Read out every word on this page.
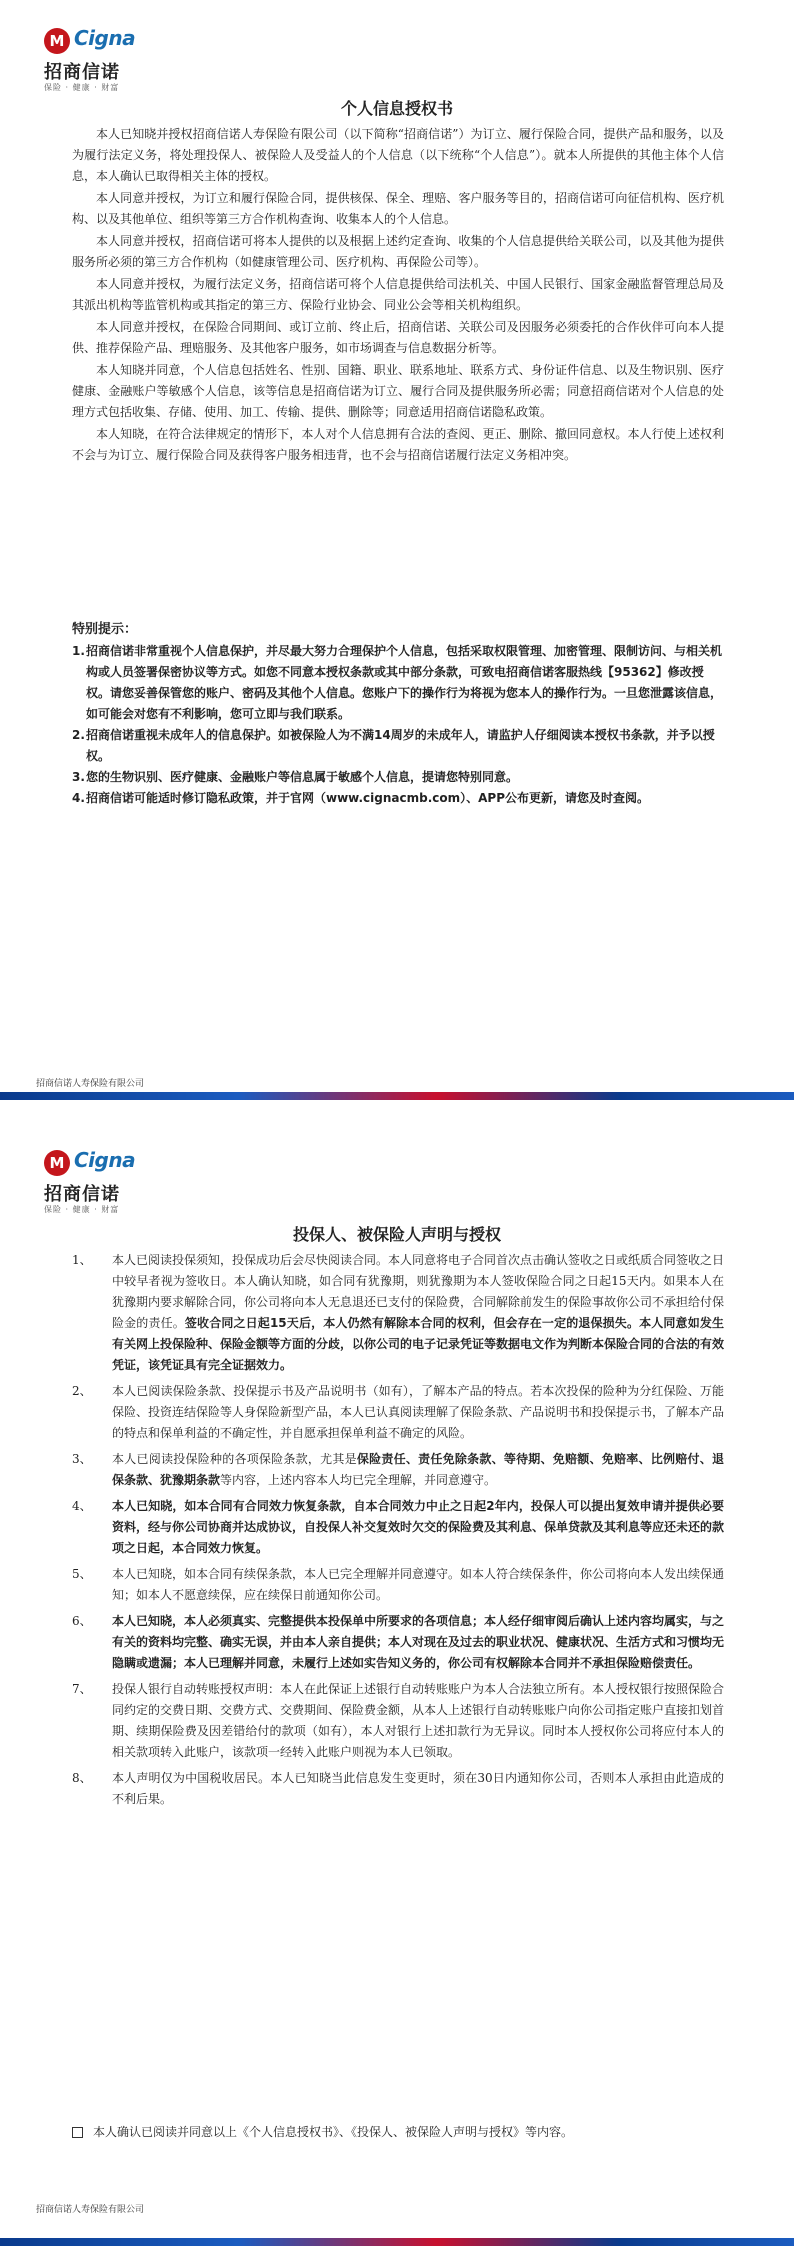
M Cigna
招商信诺
保险 · 健康 · 财富
个人信息授权书

本人已知晓并授权招商信诺人寿保险有限公司（以下简称“招商信诺”）为订立、履行保险合同，提供产品和服务，以及为履行法定义务，将处理投保人、被保险人及受益人的个人信息（以下统称“个人信息”）。就本人所提供的其他主体个人信息，本人确认已取得相关主体的授权。

本人同意并授权，为订立和履行保险合同，提供核保、保全、理赔、客户服务等目的，招商信诺可向征信机构、医疗机构、以及其他单位、组织等第三方合作机构查询、收集本人的个人信息。

本人同意并授权，招商信诺可将本人提供的以及根据上述约定查询、收集的个人信息提供给关联公司，以及其他为提供服务所必须的第三方合作机构（如健康管理公司、医疗机构、再保险公司等）。

本人同意并授权，为履行法定义务，招商信诺可将个人信息提供给司法机关、中国人民银行、国家金融监督管理总局及其派出机构等监管机构或其指定的第三方、保险行业协会、同业公会等相关机构组织。

本人同意并授权，在保险合同期间、或订立前、终止后，招商信诺、关联公司及因服务必须委托的合作伙伴可向本人提供、推荐保险产品、理赔服务、及其他客户服务，如市场调查与信息数据分析等。

本人知晓并同意，个人信息包括姓名、性别、国籍、职业、联系地址、联系方式、身份证件信息、以及生物识别、医疗健康、金融账户等敏感个人信息，该等信息是招商信诺为订立、履行合同及提供服务所必需；同意招商信诺对个人信息的处理方式包括收集、存储、使用、加工、传输、提供、删除等；同意适用招商信诺隐私政策。

本人知晓，在符合法律规定的情形下，本人对个人信息拥有合法的查阅、更正、删除、撤回同意权。本人行使上述权利不会与为订立、履行保险合同及获得客户服务相违背，也不会与招商信诺履行法定义务相冲突。

特别提示：
1. 招商信诺非常重视个人信息保护，并尽最大努力合理保护个人信息，包括采取权限管理、加密管理、限制访问、与相关机构或人员签署保密协议等方式。如您不同意本授权条款或其中部分条款，可致电招商信诺客服热线【95362】修改授权。请您妥善保管您的账户、密码及其他个人信息。您账户下的操作行为将视为您本人的操作行为。一旦您泄露该信息，如可能会对您有不利影响，您可立即与我们联系。
2. 招商信诺重视未成年人的信息保护。如被保险人为不满14周岁的未成年人，请监护人仔细阅读本授权书条款，并予以授权。
3. 您的生物识别、医疗健康、金融账户等信息属于敏感个人信息，提请您特别同意。
4. 招商信诺可能适时修订隐私政策，并于官网（www.cignacmb.com）、APP公布更新，请您及时查阅。
招商信诺人寿保险有限公司
M Cigna
招商信诺
保险 · 健康 · 财富
投保人、被保险人声明与授权
1、 本人已阅读投保须知，投保成功后会尽快阅读合同。本人同意将电子合同首次点击确认签收之日或纸质合同签收之日中较早者视为签收日。本人确认知晓，如合同有犹豫期，则犹豫期为本人签收保险合同之日起15天内。如果本人在犹豫期内要求解除合同，你公司将向本人无息退还已支付的保险费，合同解除前发生的保险事故你公司不承担给付保险金的责任。签收合同之日起15天后，本人仍然有解除本合同的权利，但会存在一定的退保损失。本人同意如发生有关网上投保险种、保险金额等方面的分歧，以你公司的电子记录凭证等数据电文作为判断本保险合同的合法的有效凭证，该凭证具有完全证据效力。
2、 本人已阅读保险条款、投保提示书及产品说明书（如有），了解本产品的特点。若本次投保的险种为分红保险、万能保险、投资连结保险等人身保险新型产品，本人已认真阅读理解了保险条款、产品说明书和投保提示书，了解本产品的特点和保单利益的不确定性，并自愿承担保单利益不确定的风险。
3、 本人已阅读投保险种的各项保险条款，尤其是保险责任、责任免除条款、等待期、免赔额、免赔率、比例赔付、退保条款、犹豫期条款等内容，上述内容本人均已完全理解，并同意遵守。
4、 本人已知晓，如本合同有合同效力恢复条款，自本合同效力中止之日起2年内，投保人可以提出复效申请并提供必要资料，经与你公司协商并达成协议，自投保人补交复效时欠交的保险费及其利息、保单贷款及其利息等应还未还的款项之日起，本合同效力恢复。
5、 本人已知晓，如本合同有续保条款，本人已完全理解并同意遵守。如本人符合续保条件，你公司将向本人发出续保通知；如本人不愿意续保，应在续保日前通知你公司。
6、 本人已知晓，本人必须真实、完整提供本投保单中所要求的各项信息；本人经仔细审阅后确认上述内容均属实，与之有关的资料均完整、确实无误，并由本人亲自提供；本人对现在及过去的职业状况、健康状况、生活方式和习惯均无隐瞒或遗漏；本人已理解并同意，未履行上述如实告知义务的，你公司有权解除本合同并不承担保险赔偿责任。
7、 投保人银行自动转账授权声明：本人在此保证上述银行自动转账账户为本人合法独立所有。本人授权银行按照保险合同约定的交费日期、交费方式、交费期间、保险费金额，从本人上述银行自动转账账户向你公司指定账户直接扣划首期、续期保险费及因差错给付的款项（如有），本人对银行上述扣款行为无异议。同时本人授权你公司将应付本人的相关款项转入此账户，该款项一经转入此账户则视为本人已领取。
8、 本人声明仅为中国税收居民。本人已知晓当此信息发生变更时，须在30日内通知你公司，否则本人承担由此造成的不利后果。
本人确认已阅读并同意以上《个人信息授权书》、《投保人、被保险人声明与授权》等内容。
招商信诺人寿保险有限公司
